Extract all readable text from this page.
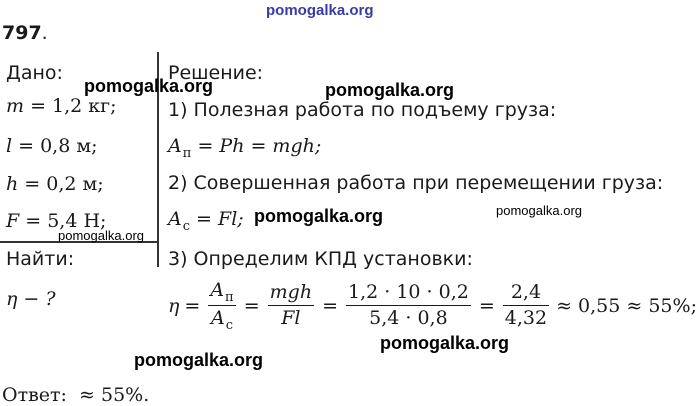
pomogalka.org
797.
Дано:
m = 1,2 кг;
l = 0,8 м;
h = 0,2 м;
F = 5,4 Н;
Найти:
η − ?
Решение:
1) Полезная работа по подъему груза:
$A_п = Ph$ = mgh;
2) Совершенная работа при перемещении груза:
$A_с = Fl$;
3) Определим КПД установки:
$\eta = \frac{A_п}{A_с} = \frac{\text{mgh}}{Fl} = \frac{1,2 \cdot 10 \cdot 0,2}{5,4 \cdot 0,8} = \frac{2,4}{4,32} \approx 0,55 \approx 55\%$;
Ответ: ≈ 55%.
pomogalka.org	pomogalka.org
pomogalka.org	pomogalka.org
pomogalka.org
pomogalka.org
pomogalka.org
